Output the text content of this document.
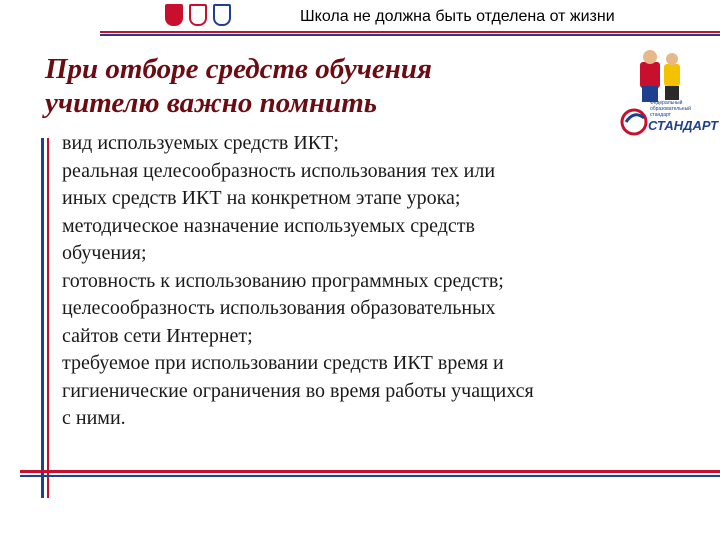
Школа не должна быть отделена от жизни
При отборе средств обучения
учителю важно помнить	Федеральный
образовательный
стандарт
СТАНДАРТ
вид используемых средств ИКТ;
реальная целесообразность использования тех или
иных средств ИКТ на конкретном этапе урока;
методическое назначение используемых средств
обучения;
готовность к использованию программных средств;
целесообразность использования образовательных
сайтов сети Интернет;
требуемое при использовании средств ИКТ время и
гигиенические ограничения во время работы учащихся
с ними.
